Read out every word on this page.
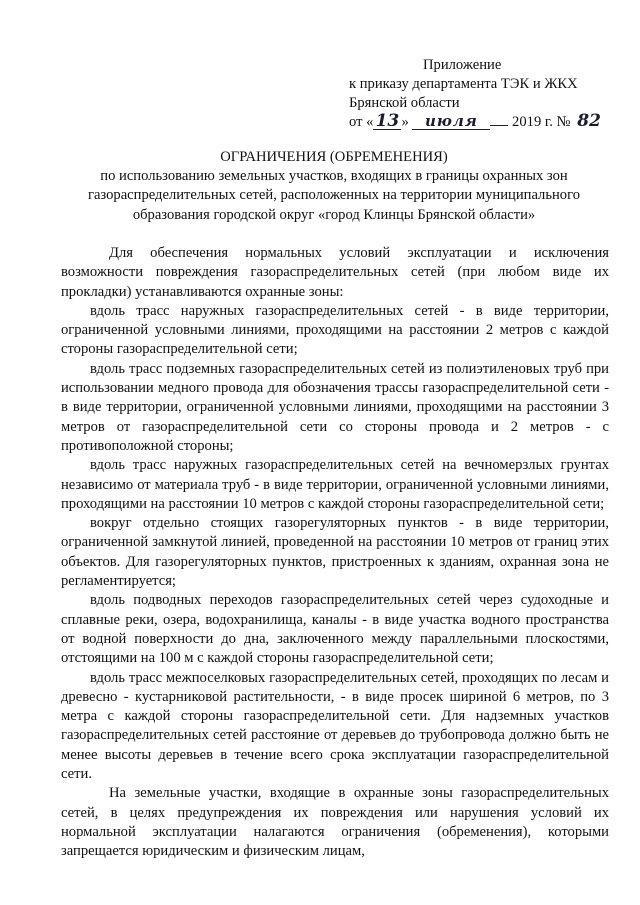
Приложение
к приказу департамента ТЭК и ЖКХ
Брянской области
от « 13 » июля 2019 г. № 82
ОГРАНИЧЕНИЯ (ОБРЕМЕНЕНИЯ)
по использованию земельных участков, входящих в границы охранных зон газораспределительных сетей, расположенных на территории муниципального образования городской округ «город Клинцы Брянской области»

Для обеспечения нормальных условий эксплуатации и исключения возможности повреждения газораспределительных сетей (при любом виде их прокладки) устанавливаются охранные зоны:

вдоль трасс наружных газораспределительных сетей - в виде территории, ограниченной условными линиями, проходящими на расстоянии 2 метров с каждой стороны газораспределительной сети;

вдоль трасс подземных газораспределительных сетей из полиэтиленовых труб при использовании медного провода для обозначения трассы газораспределительной сети - в виде территории, ограниченной условными линиями, проходящими на расстоянии 3 метров от газораспределительной сети со стороны провода и 2 метров - с противоположной стороны;

вдоль трасс наружных газораспределительных сетей на вечномерзлых грунтах независимо от материала труб - в виде территории, ограниченной условными линиями, проходящими на расстоянии 10 метров с каждой стороны газораспределительной сети;

вокруг отдельно стоящих газорегуляторных пунктов - в виде территории, ограниченной замкнутой линией, проведенной на расстоянии 10 метров от границ этих объектов. Для газорегуляторных пунктов, пристроенных к зданиям, охранная зона не регламентируется;

вдоль подводных переходов газораспределительных сетей через судоходные и сплавные реки, озера, водохранилища, каналы - в виде участка водного пространства от водной поверхности до дна, заключенного между параллельными плоскостями, отстоящими на 100 м с каждой стороны газораспределительной сети;

вдоль трасс межпоселковых газораспределительных сетей, проходящих по лесам и древесно - кустарниковой растительности, - в виде просек шириной 6 метров, по 3 метра с каждой стороны газораспределительной сети. Для надземных участков газораспределительных сетей расстояние от деревьев до трубопровода должно быть не менее высоты деревьев в течение всего срока эксплуатации газораспределительной сети.

На земельные участки, входящие в охранные зоны газораспределительных сетей, в целях предупреждения их повреждения или нарушения условий их нормальной эксплуатации налагаются ограничения (обременения), которыми запрещается юридическим и физическим лицам,
